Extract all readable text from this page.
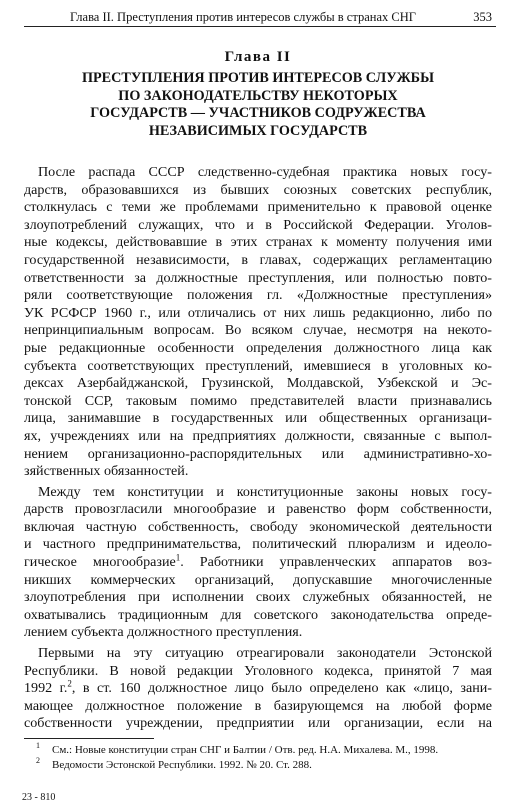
Глава II. Преступления против интересов службы в странах СНГ	353
Глава II
ПРЕСТУПЛЕНИЯ ПРОТИВ ИНТЕРЕСОВ СЛУЖБЫ
ПО ЗАКОНОДАТЕЛЬСТВУ НЕКОТОРЫХ
ГОСУДАРСТВ — УЧАСТНИКОВ СОДРУЖЕСТВА
НЕЗАВИСИМЫХ ГОСУДАРСТВ
После распада СССР следственно-судебная практика новых госу-
дарств, образовавшихся из бывших союзных советских республик,
столкнулась с теми же проблемами применительно к правовой оценке
злоупотреблений служащих, что и в Российской Федерации. Уголов-
ные кодексы, действовавшие в этих странах к моменту получения ими
государственной независимости, в главах, содержащих регламентацию
ответственности за должностные преступления, или полностью повто-
ряли соответствующие положения гл. «Должностные преступления»
УК РСФСР 1960 г., или отличались от них лишь редакционно, либо по
непринципиальным вопросам. Во всяком случае, несмотря на некото-
рые редакционные особенности определения должностного лица как
субъекта соответствующих преступлений, имевшиеся в уголовных ко-
дексах Азербайджанской, Грузинской, Молдавской, Узбекской и Эс-
тонской ССР, таковым помимо представителей власти признавались
лица, занимавшие в государственных или общественных организаци-
ях, учреждениях или на предприятиях должности, связанные с выпол-
нением организационно-распорядительных или административно-хо-
зяйственных обязанностей.
Между тем конституции и конституционные законы новых госу-
дарств провозгласили многообразие и равенство форм собственности,
включая частную собственность, свободу экономической деятельности
и частного предпринимательства, политический плюрализм и идеоло-
гическое многообразие$^1$. Работники управленческих аппаратов воз-
никших коммерческих организаций, допускавшие многочисленные
злоупотребления при исполнении своих служебных обязанностей, не
охватывались традиционным для советского законодательства опреде-
лением субъекта должностного преступления.
Первыми на эту ситуацию отреагировали законодатели Эстонской
Республики. В новой редакции Уголовного кодекса, принятой 7 мая
1992 г.$^2$, в ст. 160 должностное лицо было определено как «лицо, зани-
мающее должностное положение в базирующемся на любой форме
собственности учреждении, предприятии или организации, если на
$^1$ См.: Новые конституции стран СНГ и Балтии / Отв. ред. Н.А. Михалева. М., 1998.
$^2$ Ведомости Эстонской Республики. 1992. № 20. Ст. 288.
23 - 810
